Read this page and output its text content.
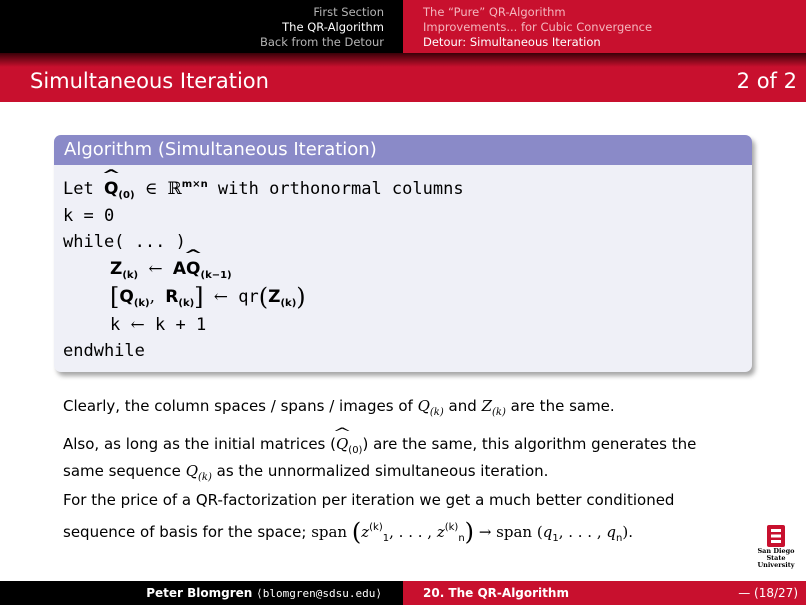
First Section
The QR-Algorithm
Back from the Detour
The “Pure” QR-Algorithm
Improvements... for Cubic Convergence
Detour: Simultaneous Iteration
Simultaneous Iteration	2 of 2
Algorithm (Simultaneous Iteration)
Let ^ $Q_{(0)}$ ∈ ℝ$^{m\times n}$ with orthonormal columns
k = 0
while( ... )
$Z_{(k)}$ ← A^ $Q_{(k-1)}$
[$Q_{(k)}$, $R_{(k)}$] ← $qr(Z_{(k)})$
k ← k + 1
endwhile
Clearly, the column spaces / spans / images of $Q_{(k)}$ and $Z_{(k)}$ are the same.
Also, as long as the initial matrices (^ $Q_{(0)}$) are the same, this algorithm generates the
same sequence $Q_{(k)}$ as the unnormalized simultaneous iteration.
For the price of a QR-factorization per iteration we get a much better conditioned
sequence of basis for the space; span ($z^{(k)}_1$, . . . , $z^{(k)}_n$) → span ($q_1$, . . . , $q_n$).
San Diego State
University
Peter Blomgren ⟨blomgren@sdsu.edu⟩	20. The QR-Algorithm	— (18/27)
